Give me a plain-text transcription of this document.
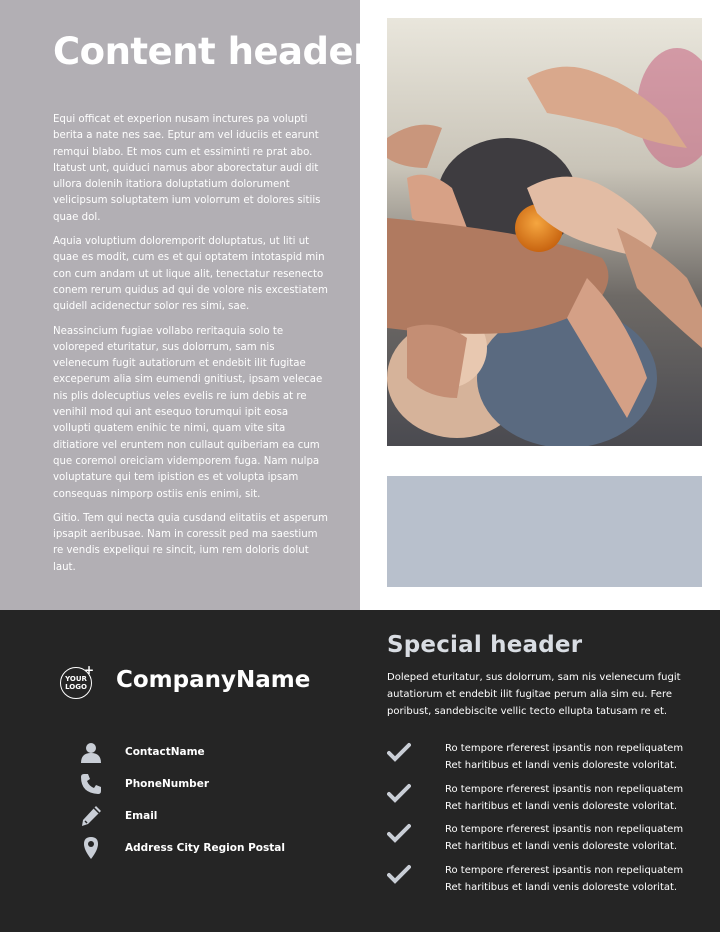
Content header

Equi officat et experion nusam inctures pa volupti berita a nate nes sae. Eptur am vel iduciis et earunt remqui blabo. Et mos cum et essiminti re prat abo. Itatust unt, quiduci namus abor aborectatur audi dit ullora dolenih itatiora doluptatium dolorument velicipsum soluptatem ium volorrum et dolores sitiis quae dol.

Aquia voluptium doloremporit doluptatus, ut liti ut quae es modit, cum es et qui optatem intotaspid min con cum andam ut ut lique alit, tenectatur resenecto conem rerum quidus ad qui de volore nis excestiatem quidell acidenectur solor res simi, sae.

Neassincium fugiae vollabo reritaquia solo te voloreped eturitatur, sus dolorrum, sam nis velenecum fugit autatiorum et endebit ilit fugitae exceperum alia sim eumendi gnitiust, ipsam velecae nis plis dolecuptius veles evelis re ium debis at re venihil mod qui ant esequo torumqui ipit eosa vollupti quatem enihic te nimi, quam vite sita ditiatiore vel eruntem non cullaut quiberiam ea cum que coremol oreiciam videmporem fuga. Nam nulpa voluptature qui tem ipistion es et volupta ipsam consequas nimporp ostiis enis enimi, sit.

Gitio. Tem qui necta quia cusdand elitatiis et asperum ipsapit aeribusae. Nam in coressit ped ma saestium re vendis expeliqui re sincit, ium rem doloris dolut laut.

YOUR
LOGO
+ CompanyName
ContactName
PhoneNumber
Email
Address City Region Postal
Special header
Doleped eturitatur, sus dolorrum, sam nis velenecum fugit autatiorum et endebit ilit fugitae perum alia sim eu. Fere poribust, sandebiscite vellic tecto ellupta tatusam re et.
Ro tempore rfererest ipsantis non repeliquatem
Ret haritibus et landi venis doloreste voloritat.
Ro tempore rfererest ipsantis non repeliquatem
Ret haritibus et landi venis doloreste voloritat.
Ro tempore rfererest ipsantis non repeliquatem
Ret haritibus et landi venis doloreste voloritat.
Ro tempore rfererest ipsantis non repeliquatem
Ret haritibus et landi venis doloreste voloritat.
